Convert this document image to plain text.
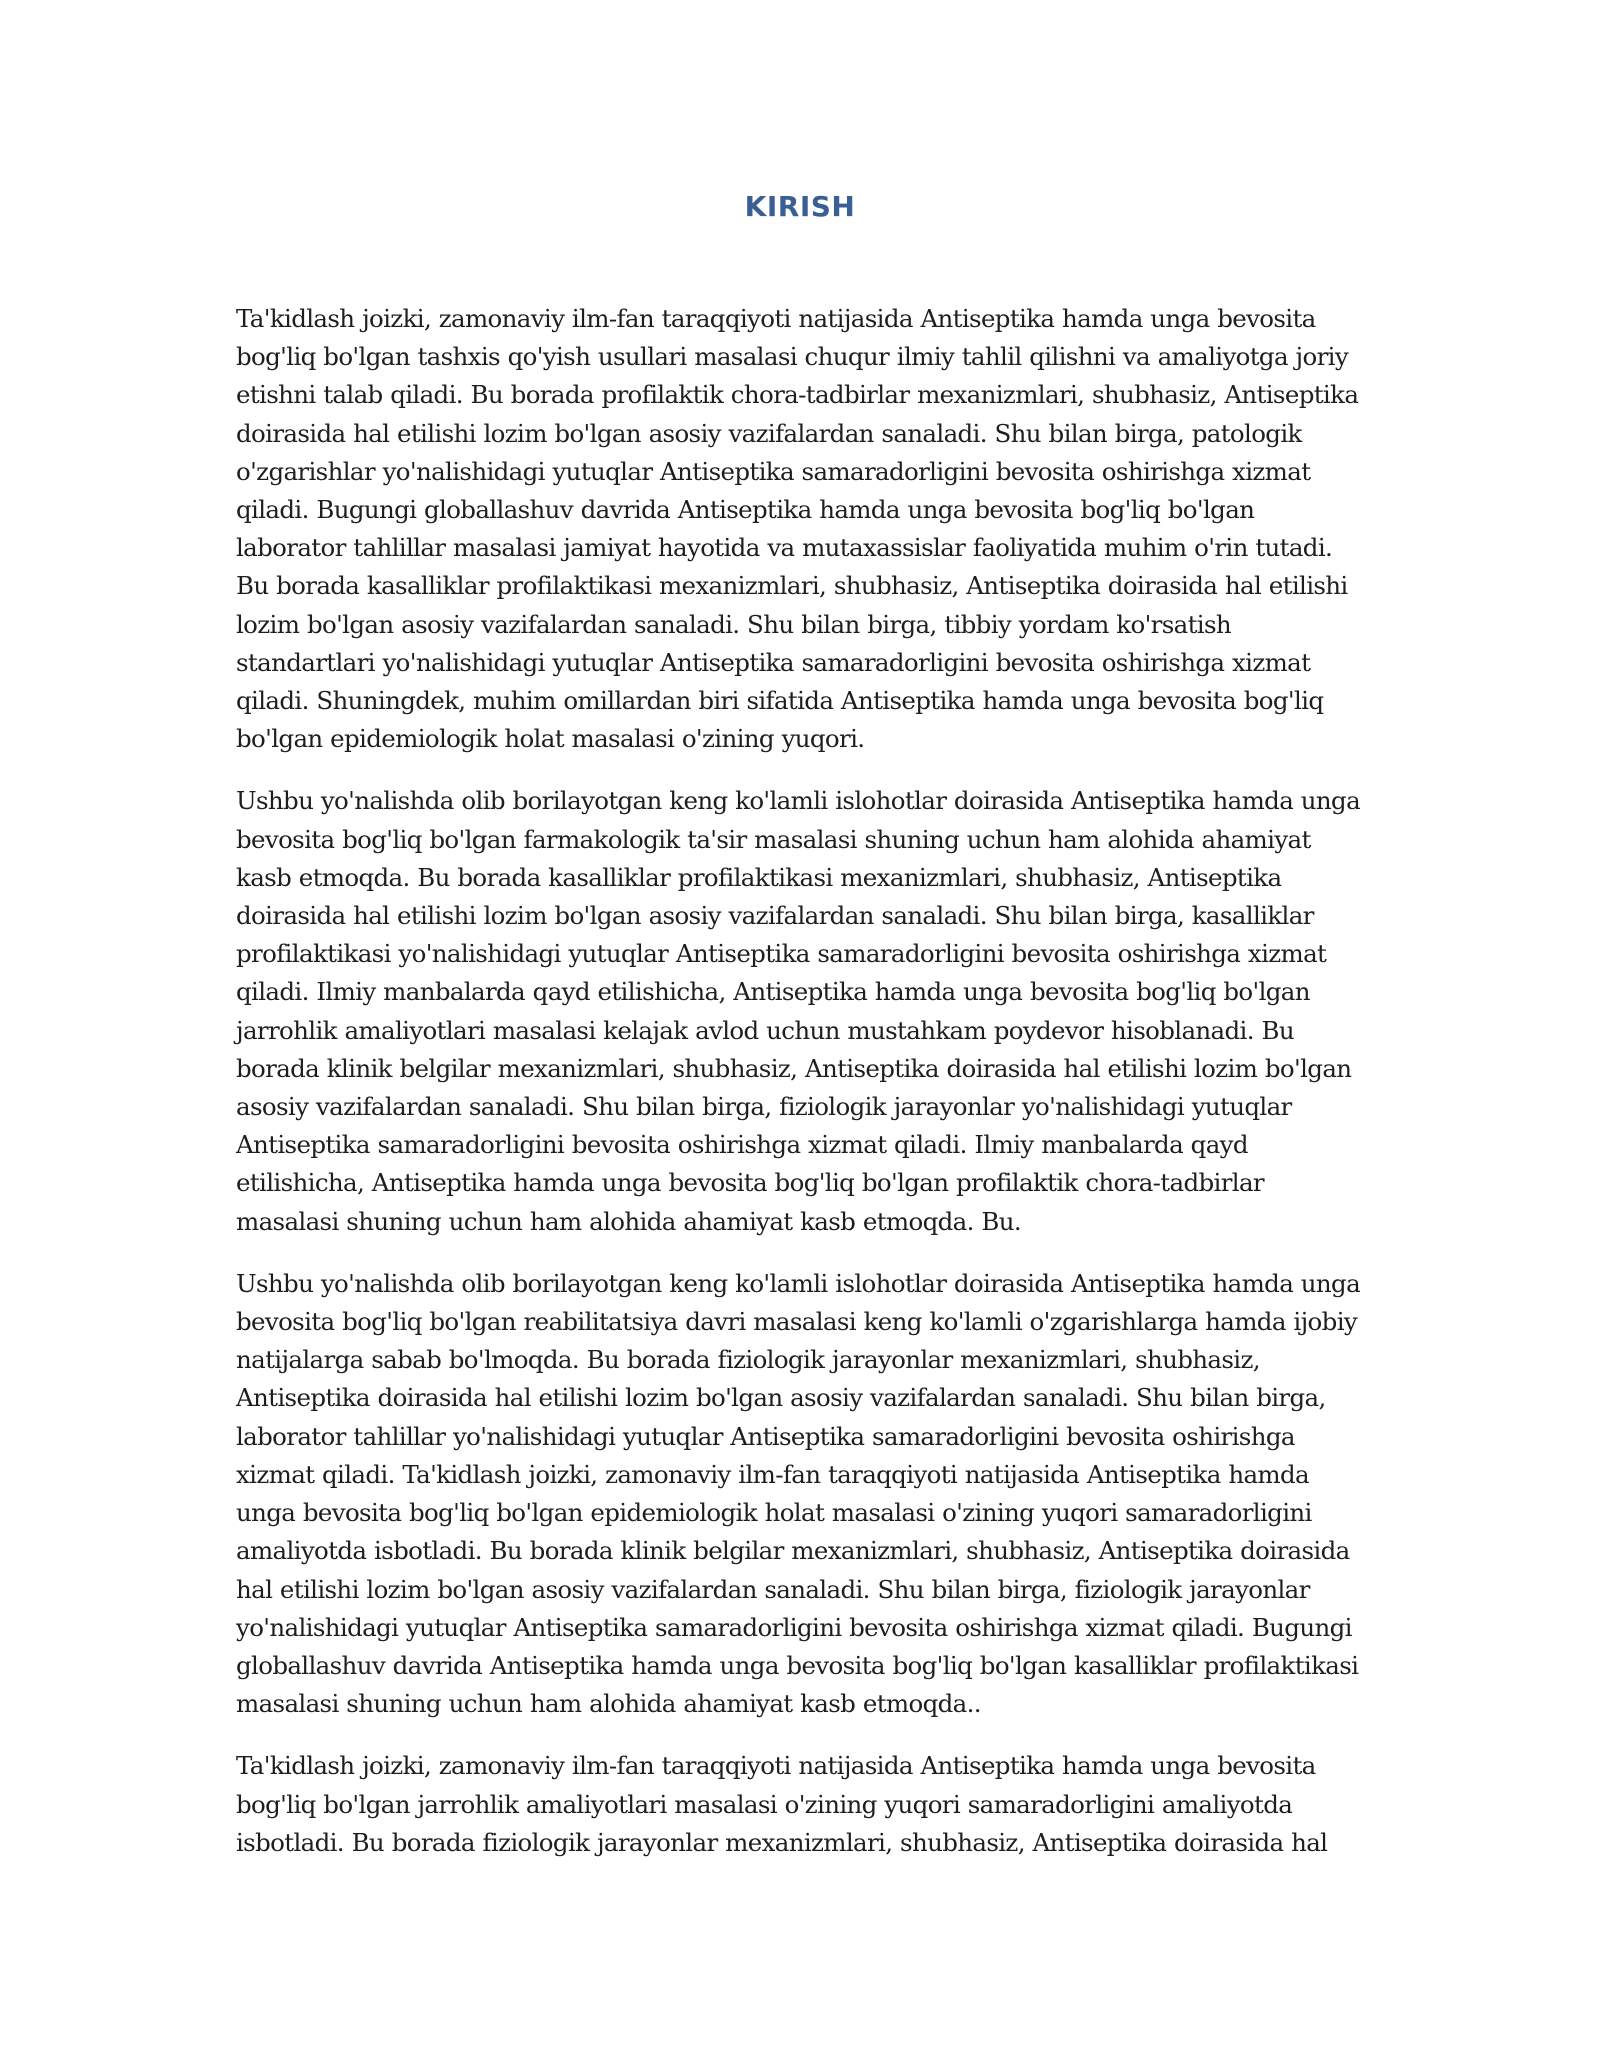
KIRISH

Ta'kidlash joizki, zamonaviy ilm-fan taraqqiyoti natijasida Antiseptika hamda unga bevosita bog'liq bo'lgan tashxis qo'yish usullari masalasi chuqur ilmiy tahlil qilishni va amaliyotga joriy etishni talab qiladi. Bu borada profilaktik chora-tadbirlar mexanizmlari, shubhasiz, Antiseptika doirasida hal etilishi lozim bo'lgan asosiy vazifalardan sanaladi. Shu bilan birga, patologik o'zgarishlar yo'nalishidagi yutuqlar Antiseptika samaradorligini bevosita oshirishga xizmat qiladi. Bugungi globallashuv davrida Antiseptika hamda unga bevosita bog'liq bo'lgan laborator tahlillar masalasi jamiyat hayotida va mutaxassislar faoliyatida muhim o'rin tutadi. Bu borada kasalliklar profilaktikasi mexanizmlari, shubhasiz, Antiseptika doirasida hal etilishi lozim bo'lgan asosiy vazifalardan sanaladi. Shu bilan birga, tibbiy yordam ko'rsatish standartlari yo'nalishidagi yutuqlar Antiseptika samaradorligini bevosita oshirishga xizmat qiladi. Shuningdek, muhim omillardan biri sifatida Antiseptika hamda unga bevosita bog'liq bo'lgan epidemiologik holat masalasi o'zining yuqori.

Ushbu yo'nalishda olib borilayotgan keng ko'lamli islohotlar doirasida Antiseptika hamda unga bevosita bog'liq bo'lgan farmakologik ta'sir masalasi shuning uchun ham alohida ahamiyat kasb etmoqda. Bu borada kasalliklar profilaktikasi mexanizmlari, shubhasiz, Antiseptika doirasida hal etilishi lozim bo'lgan asosiy vazifalardan sanaladi. Shu bilan birga, kasalliklar profilaktikasi yo'nalishidagi yutuqlar Antiseptika samaradorligini bevosita oshirishga xizmat qiladi. Ilmiy manbalarda qayd etilishicha, Antiseptika hamda unga bevosita bog'liq bo'lgan jarrohlik amaliyotlari masalasi kelajak avlod uchun mustahkam poydevor hisoblanadi. Bu borada klinik belgilar mexanizmlari, shubhasiz, Antiseptika doirasida hal etilishi lozim bo'lgan asosiy vazifalardan sanaladi. Shu bilan birga, fiziologik jarayonlar yo'nalishidagi yutuqlar Antiseptika samaradorligini bevosita oshirishga xizmat qiladi. Ilmiy manbalarda qayd etilishicha, Antiseptika hamda unga bevosita bog'liq bo'lgan profilaktik chora-tadbirlar masalasi shuning uchun ham alohida ahamiyat kasb etmoqda. Bu.

Ushbu yo'nalishda olib borilayotgan keng ko'lamli islohotlar doirasida Antiseptika hamda unga bevosita bog'liq bo'lgan reabilitatsiya davri masalasi keng ko'lamli o'zgarishlarga hamda ijobiy natijalarga sabab bo'lmoqda. Bu borada fiziologik jarayonlar mexanizmlari, shubhasiz, Antiseptika doirasida hal etilishi lozim bo'lgan asosiy vazifalardan sanaladi. Shu bilan birga, laborator tahlillar yo'nalishidagi yutuqlar Antiseptika samaradorligini bevosita oshirishga xizmat qiladi. Ta'kidlash joizki, zamonaviy ilm-fan taraqqiyoti natijasida Antiseptika hamda unga bevosita bog'liq bo'lgan epidemiologik holat masalasi o'zining yuqori samaradorligini amaliyotda isbotladi. Bu borada klinik belgilar mexanizmlari, shubhasiz, Antiseptika doirasida hal etilishi lozim bo'lgan asosiy vazifalardan sanaladi. Shu bilan birga, fiziologik jarayonlar yo'nalishidagi yutuqlar Antiseptika samaradorligini bevosita oshirishga xizmat qiladi. Bugungi globallashuv davrida Antiseptika hamda unga bevosita bog'liq bo'lgan kasalliklar profilaktikasi masalasi shuning uchun ham alohida ahamiyat kasb etmoqda..

Ta'kidlash joizki, zamonaviy ilm-fan taraqqiyoti natijasida Antiseptika hamda unga bevosita bog'liq bo'lgan jarrohlik amaliyotlari masalasi o'zining yuqori samaradorligini amaliyotda isbotladi. Bu borada fiziologik jarayonlar mexanizmlari, shubhasiz, Antiseptika doirasida hal
